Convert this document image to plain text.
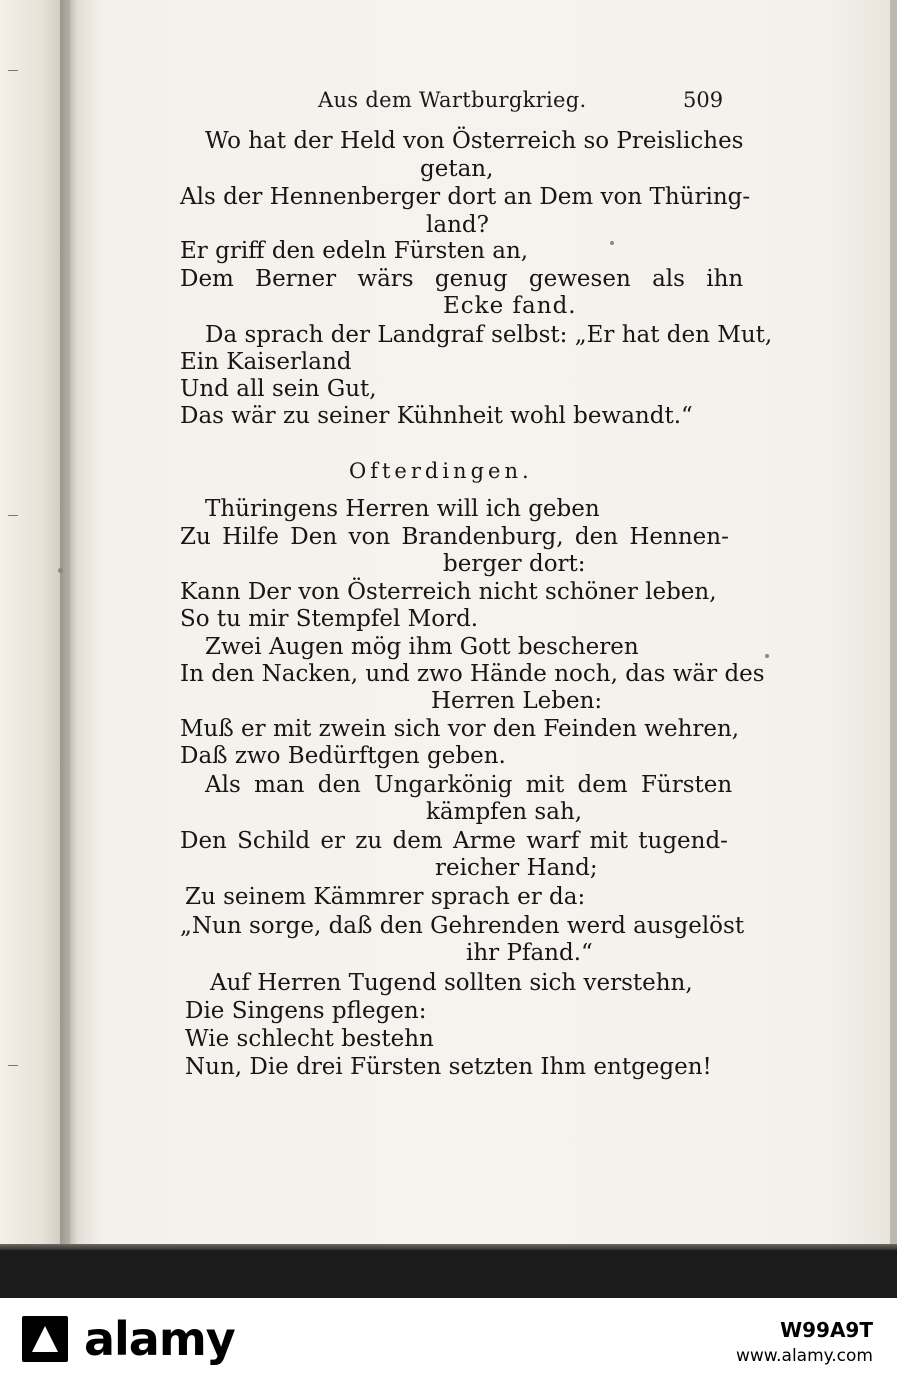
Aus dem Wartburgkrieg.	509
Wo hat der Held von Österreich so Preisliches
getan,
Als der Hennenberger dort an Dem von Thüring-
land?
Er griff den edeln Fürsten an,
Dem Berner wärs genug gewesen als ihn
Ecke fand.
Da sprach der Landgraf selbst: „Er hat den Mut,
Ein Kaiserland
Und all sein Gut,
Das wär zu seiner Kühnheit wohl bewandt.“
Ofterdingen.
Thüringens Herren will ich geben
Zu Hilfe Den von Brandenburg, den Hennen-
berger dort:
Kann Der von Österreich nicht schöner leben,
So tu mir Stempfel Mord.
Zwei Augen mög ihm Gott bescheren
In den Nacken, und zwo Hände noch, das wär des
Herren Leben:
Muß er mit zwein sich vor den Feinden wehren,
Daß zwo Bedürftgen geben.
Als man den Ungarkönig mit dem Fürsten
kämpfen sah,
Den Schild er zu dem Arme warf mit tugend-
reicher Hand;
Zu seinem Kämmrer sprach er da:
„Nun sorge, daß den Gehrenden werd ausgelöst
ihr Pfand.“
Auf Herren Tugend sollten sich verstehn,
Die Singens pflegen:
Wie schlecht bestehn
Nun, Die drei Fürsten setzten Ihm entgegen!
alamy	W99A9T
www.alamy.com
